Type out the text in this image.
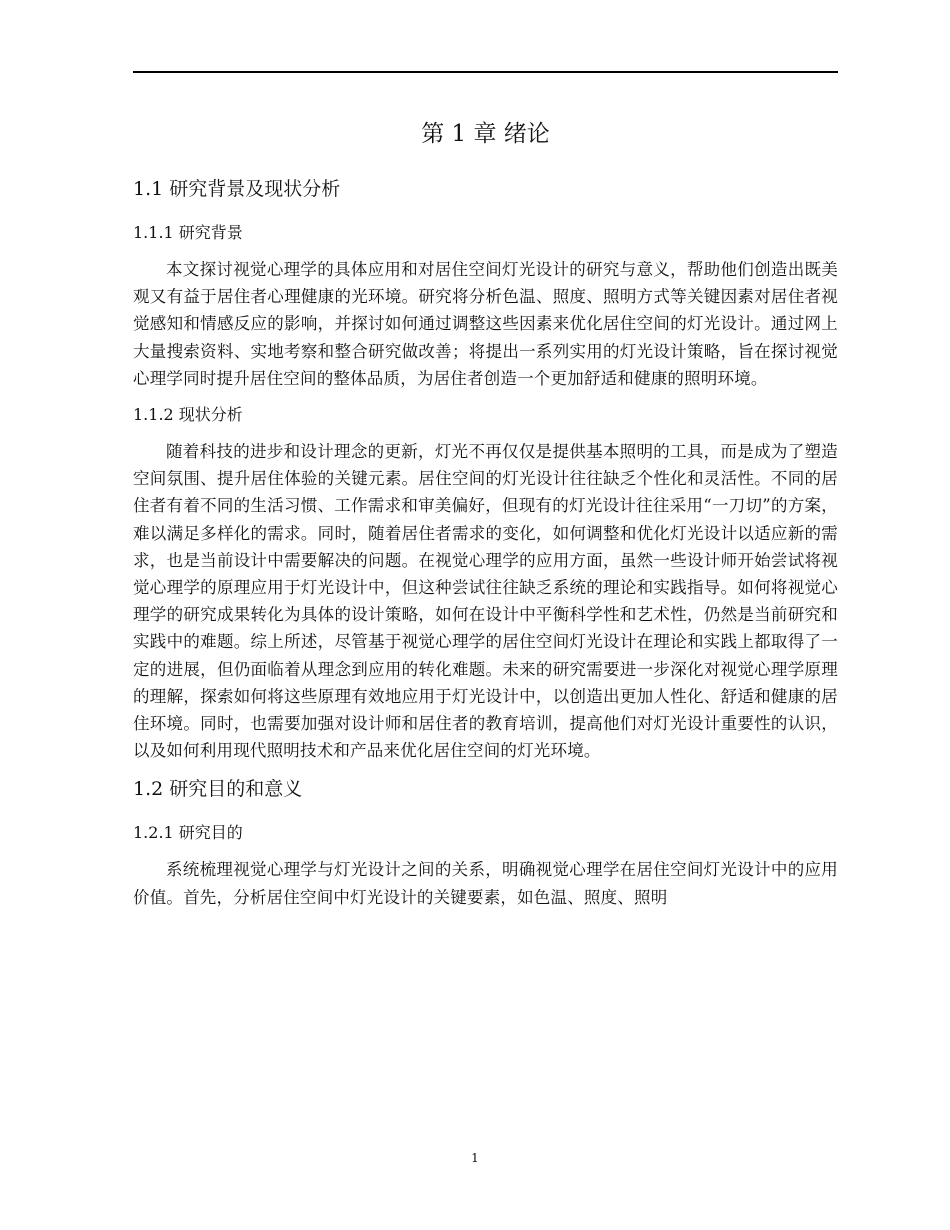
第 1 章 绪论
1.1 研究背景及现状分析
1.1.1 研究背景

本文探讨视觉心理学的具体应用和对居住空间灯光设计的研究与意义，帮助他们创造出既美观又有益于居住者心理健康的光环境。研究将分析色温、照度、照明方式等关键因素对居住者视觉感知和情感反应的影响，并探讨如何通过调整这些因素来优化居住空间的灯光设计。通过网上大量搜索资料、实地考察和整合研究做改善；将提出一系列实用的灯光设计策略，旨在探讨视觉心理学同时提升居住空间的整体品质，为居住者创造一个更加舒适和健康的照明环境。

1.1.2 现状分析

随着科技的进步和设计理念的更新，灯光不再仅仅是提供基本照明的工具，而是成为了塑造空间氛围、提升居住体验的关键元素。居住空间的灯光设计往往缺乏个性化和灵活性。不同的居住者有着不同的生活习惯、工作需求和审美偏好，但现有的灯光设计往往采用“一刀切”的方案，难以满足多样化的需求。同时，随着居住者需求的变化，如何调整和优化灯光设计以适应新的需求，也是当前设计中需要解决的问题。在视觉心理学的应用方面，虽然一些设计师开始尝试将视觉心理学的原理应用于灯光设计中，但这种尝试往往缺乏系统的理论和实践指导。如何将视觉心理学的研究成果转化为具体的设计策略，如何在设计中平衡科学性和艺术性，仍然是当前研究和实践中的难题。综上所述，尽管基于视觉心理学的居住空间灯光设计在理论和实践上都取得了一定的进展，但仍面临着从理念到应用的转化难题。未来的研究需要进一步深化对视觉心理学原理的理解，探索如何将这些原理有效地应用于灯光设计中，以创造出更加人性化、舒适和健康的居住环境。同时，也需要加强对设计师和居住者的教育培训，提高他们对灯光设计重要性的认识，以及如何利用现代照明技术和产品来优化居住空间的灯光环境。

1.2 研究目的和意义
1.2.1 研究目的

系统梳理视觉心理学与灯光设计之间的关系，明确视觉心理学在居住空间灯光设计中的应用价值。首先，分析居住空间中灯光设计的关键要素，如色温、照度、照明

1
